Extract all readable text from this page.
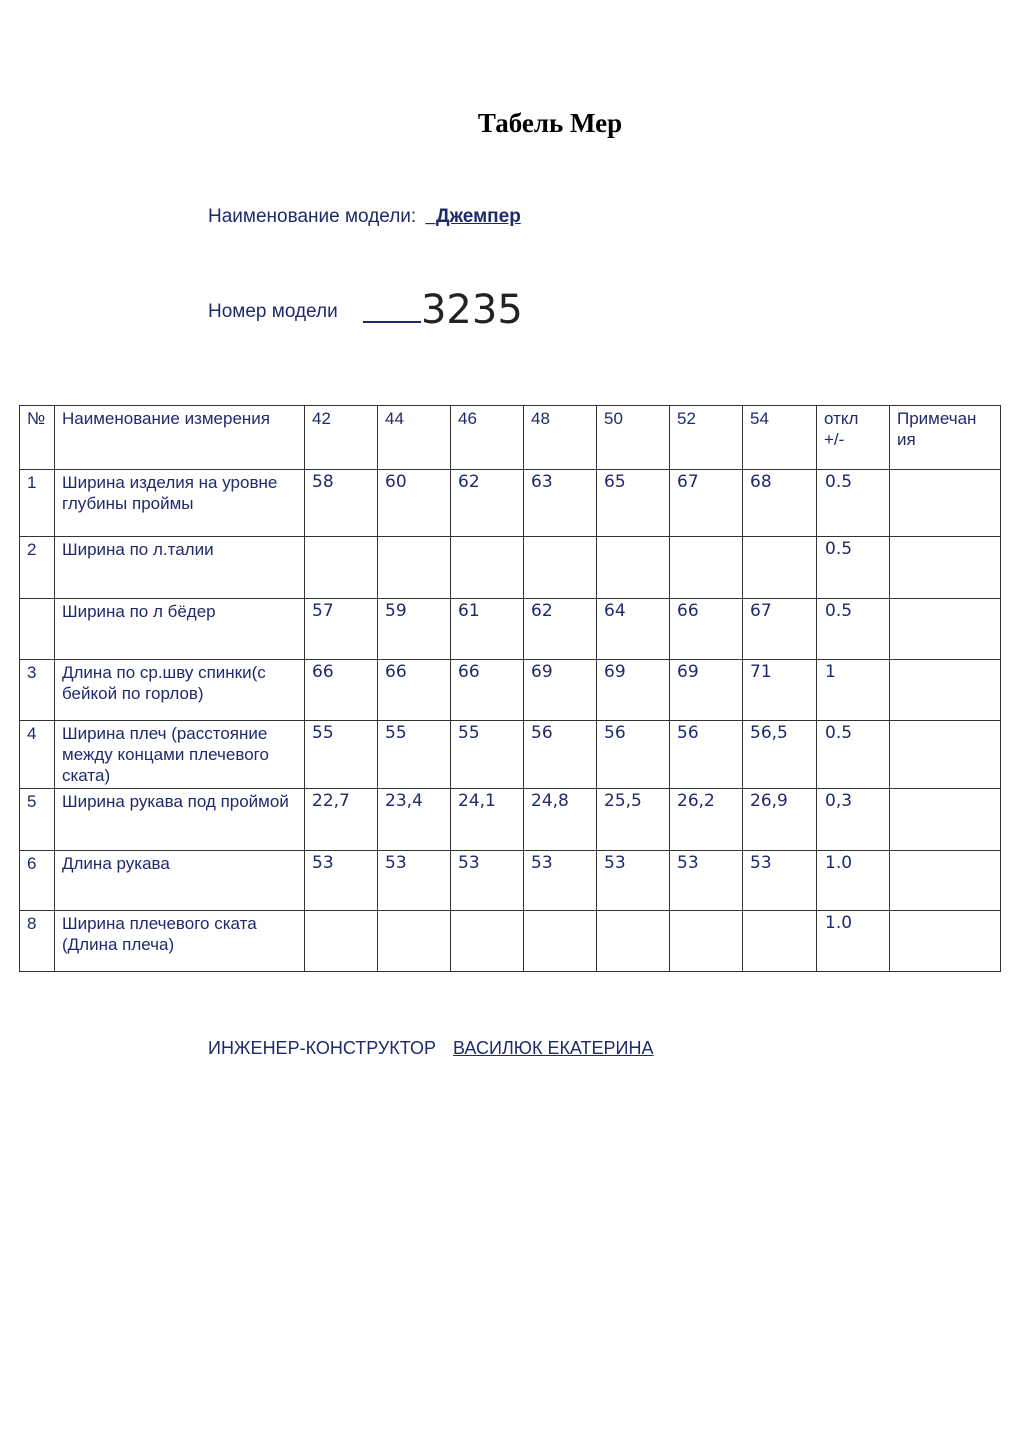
Табель Мер
Наименование модели: _Джемпер
Номер модели 3235
№	Наименование измерения	42	44	46	48	50	52	54	откл +/-	Примечан ия
1	Ширина изделия на уровне глубины проймы	58	60	62	63	65	67	68	0.5	
2	Ширина по л.талии								0.5	
	Ширина по л бёдер	57	59	61	62	64	66	67	0.5	
3	Длина по ср.шву спинки(с бейкой по горлов)	66	66	66	69	69	69	71	1	
4	Ширина плеч (расстояние между концами плечевого ската)	55	55	55	56	56	56	56,5	0.5	
5	Ширина рукава под проймой	22,7	23,4	24,1	24,8	25,5	26,2	26,9	0,3	
6	Длина рукава	53	53	53	53	53	53	53	1.0	
8	Ширина плечевого ската (Длина плеча)								1.0	
ИНЖЕНЕР-КОНСТРУКТОР ВАСИЛЮК ЕКАТЕРИНА
